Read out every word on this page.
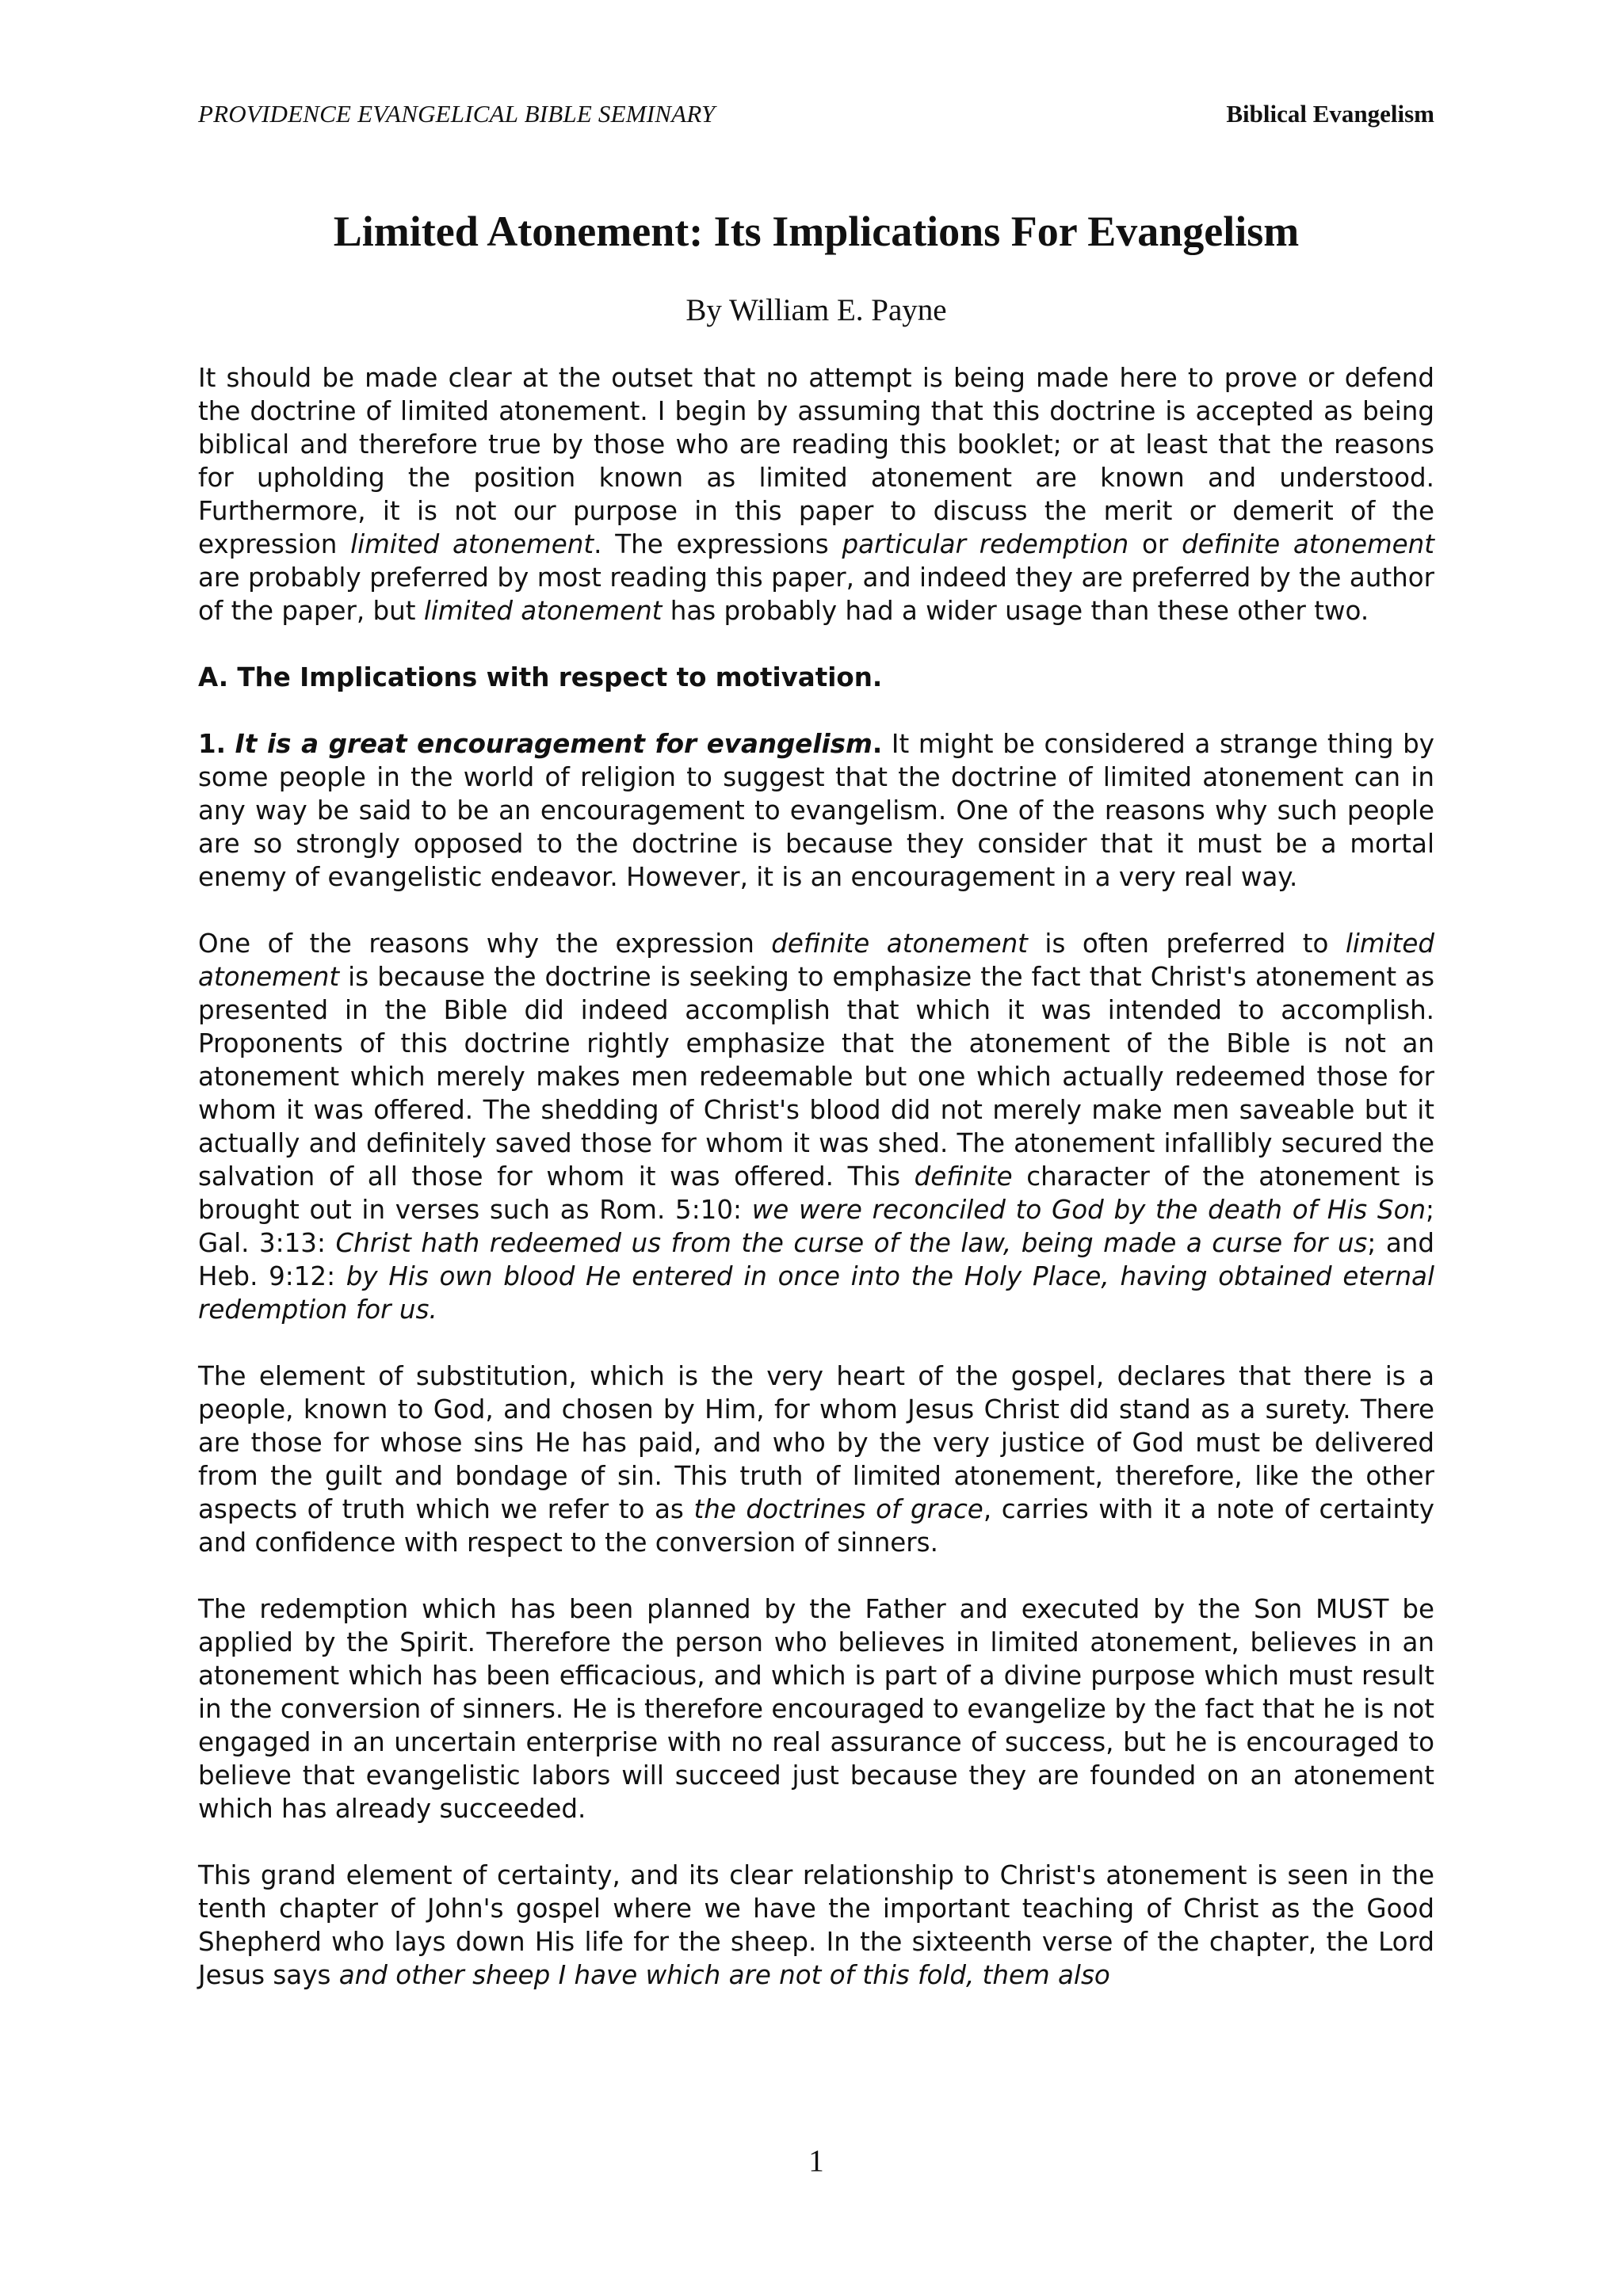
PROVIDENCE EVANGELICAL BIBLE SEMINARY	Biblical Evangelism
Limited Atonement: Its Implications For Evangelism
By William E. Payne

It should be made clear at the outset that no attempt is being made here to prove or defend the doctrine of limited atonement. I begin by assuming that this doctrine is accepted as being biblical and therefore true by those who are reading this booklet; or at least that the reasons for upholding the position known as limited atonement are known and understood. Furthermore, it is not our purpose in this paper to discuss the merit or demerit of the expression limited atonement. The expressions particular redemption or definite atonement are probably preferred by most reading this paper, and indeed they are preferred by the author of the paper, but limited atonement has probably had a wider usage than these other two.

A. The Implications with respect to motivation.

1. It is a great encouragement for evangelism. It might be considered a strange thing by some people in the world of religion to suggest that the doctrine of limited atonement can in any way be said to be an encouragement to evangelism. One of the reasons why such people are so strongly opposed to the doctrine is because they consider that it must be a mortal enemy of evangelistic endeavor. However, it is an encouragement in a very real way.

One of the reasons why the expression definite atonement is often preferred to limited atonement is because the doctrine is seeking to emphasize the fact that Christ's atonement as presented in the Bible did indeed accomplish that which it was intended to accomplish. Proponents of this doctrine rightly emphasize that the atonement of the Bible is not an atonement which merely makes men redeemable but one which actually redeemed those for whom it was offered. The shedding of Christ's blood did not merely make men saveable but it actually and definitely saved those for whom it was shed. The atonement infallibly secured the salvation of all those for whom it was offered. This definite character of the atonement is brought out in verses such as Rom. 5:10: we were reconciled to God by the death of His Son; Gal. 3:13: Christ hath redeemed us from the curse of the law, being made a curse for us; and Heb. 9:12: by His own blood He entered in once into the Holy Place, having obtained eternal redemption for us.

The element of substitution, which is the very heart of the gospel, declares that there is a people, known to God, and chosen by Him, for whom Jesus Christ did stand as a surety. There are those for whose sins He has paid, and who by the very justice of God must be delivered from the guilt and bondage of sin. This truth of limited atonement, therefore, like the other aspects of truth which we refer to as the doctrines of grace, carries with it a note of certainty and confidence with respect to the conversion of sinners.

The redemption which has been planned by the Father and executed by the Son MUST be applied by the Spirit. Therefore the person who believes in limited atonement, believes in an atonement which has been efficacious, and which is part of a divine purpose which must result in the conversion of sinners. He is therefore encouraged to evangelize by the fact that he is not engaged in an uncertain enterprise with no real assurance of success, but he is encouraged to believe that evangelistic labors will succeed just because they are founded on an atonement which has already succeeded.

This grand element of certainty, and its clear relationship to Christ's atonement is seen in the tenth chapter of John's gospel where we have the important teaching of Christ as the Good Shepherd who lays down His life for the sheep. In the sixteenth verse of the chapter, the Lord Jesus says and other sheep I have which are not of this fold, them also

1
